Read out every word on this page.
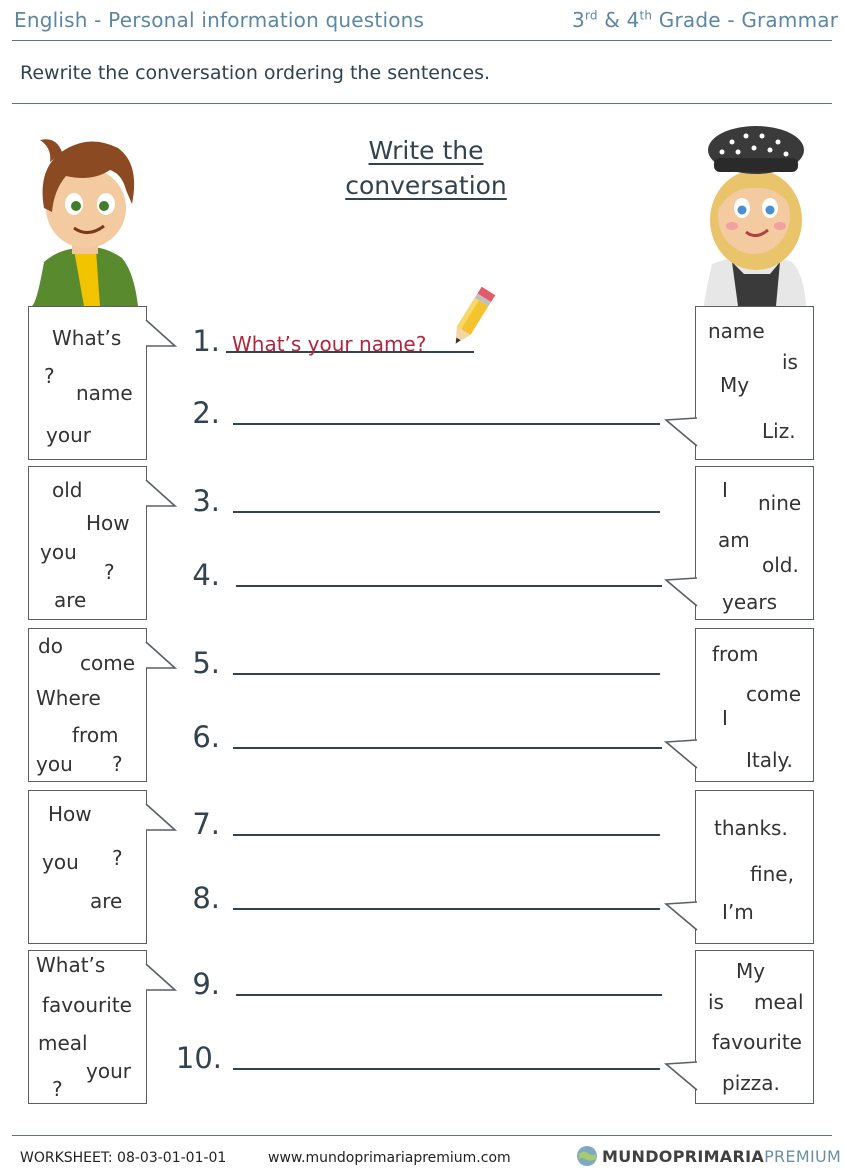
English - Personal information questions	3rd & 4th Grade - Grammar
Rewrite the conversation ordering the sentences.
Write the
conversation
1.
2.
3.
4.
5.
6.
7.
8.
9.
10.
What’s your name?
What’s
?
name
your
name
is
My
Liz.
old
How
you
?
are
I
nine
am
old.
years
do
come
Where
from
you ?
from
come
I
Italy.
How
you ?
are
thanks.
fine,
I’m
What’s
favourite
meal
your
?
My
is meal
favourite
pizza.
WORKSHEET: 08-03-01-01-01	www.mundoprimariapremium.com	MUNDOPRIMARIAPREMIUM
